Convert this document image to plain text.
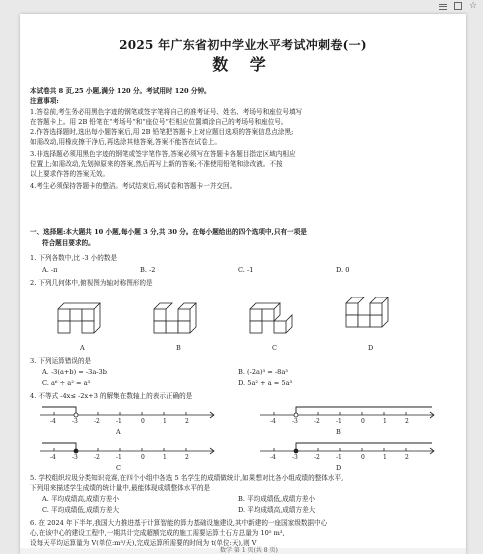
☆
2025 年广东省初中学业水平考试冲刺卷(一)
数 学
本试卷共 8 页,25 小题,满分 120 分。考试用时 120 分钟。
注意事项:
1.答卷前,考生务必用黑色字迹的钢笔或签字笔将自己的准考证号、姓名、考场号和座位号填写
在答题卡上。用 2B 铅笔在“考场号”和“座位号”栏相应位置填涂自己的考场号和座位号。
2.作答选择题时,选出每小题答案后,用 2B 铅笔把答题卡上对应题目选项的答案信息点涂黑;
如需改动,用橡皮擦干净后,再选涂其他答案,答案不能答在试卷上。
3.非选择题必须用黑色字迹的钢笔或签字笔作答,答案必须写在答题卡各题目指定区域内相应
位置上;如需改动,先划掉原来的答案,然后再写上新的答案;不准使用铅笔和涂改液。不按
以上要求作答的答案无效。
4.考生必须保持答题卡的整洁。考试结束后,将试卷和答题卡一并交回。
一、选择题:本大题共 10 小题,每小题 3 分,共 30 分。在每小题给出的四个选项中,只有一项是
符合题目要求的。
1. 下列各数中,比 -3 小的数是
A. -π	B. -2	C. -1	D. 0
2. 下列几何体中,俯视图为轴对称图形的是
A	B	C	D
3. 下列运算错误的是
A. -3(a+b) = -3a-3b	B. (-2a)³ = -8a³
C. a⁶ ÷ a² = a³	D. 5a² + a = 5a³
4. 不等式 -4x≤ -2x+3 的解集在数轴上的表示正确的是
-4	-3	-2	-1	0	1	2	-4	-3	-2	-1	0	1	2
-4	-3	-2	-1	0	1	2	-4	-3	-2	-1	0	1	2
A	B
C	D
5. 学校组织垃圾分类知识竞赛,在四个小组中各选 5 名学生的成绩做统计,如果想对比各小组成绩的整体水平,
下列用来描述学生成绩的统计量中,最能体现成绩整体水平的是
A. 平均成绩高,成绩方差小	B. 平均成绩低,成绩方差小
C. 平均成绩低,成绩方差大	D. 平均成绩高,成绩方差大
6. 在 2024 年下半年,我国大力推进基于计算智能的算力基础设施建设,其中新建的一座国家级数据中心
心,在该中心的建设工程中,一期共计完成超额完成的施工需要运算土石方总量为 10⁵ m³,
设每天平均运算量为 V(单位:m³/天),完成运算所需要的时间为 t(单位:天),则 V
数学 第 1 页(共 8 页)
